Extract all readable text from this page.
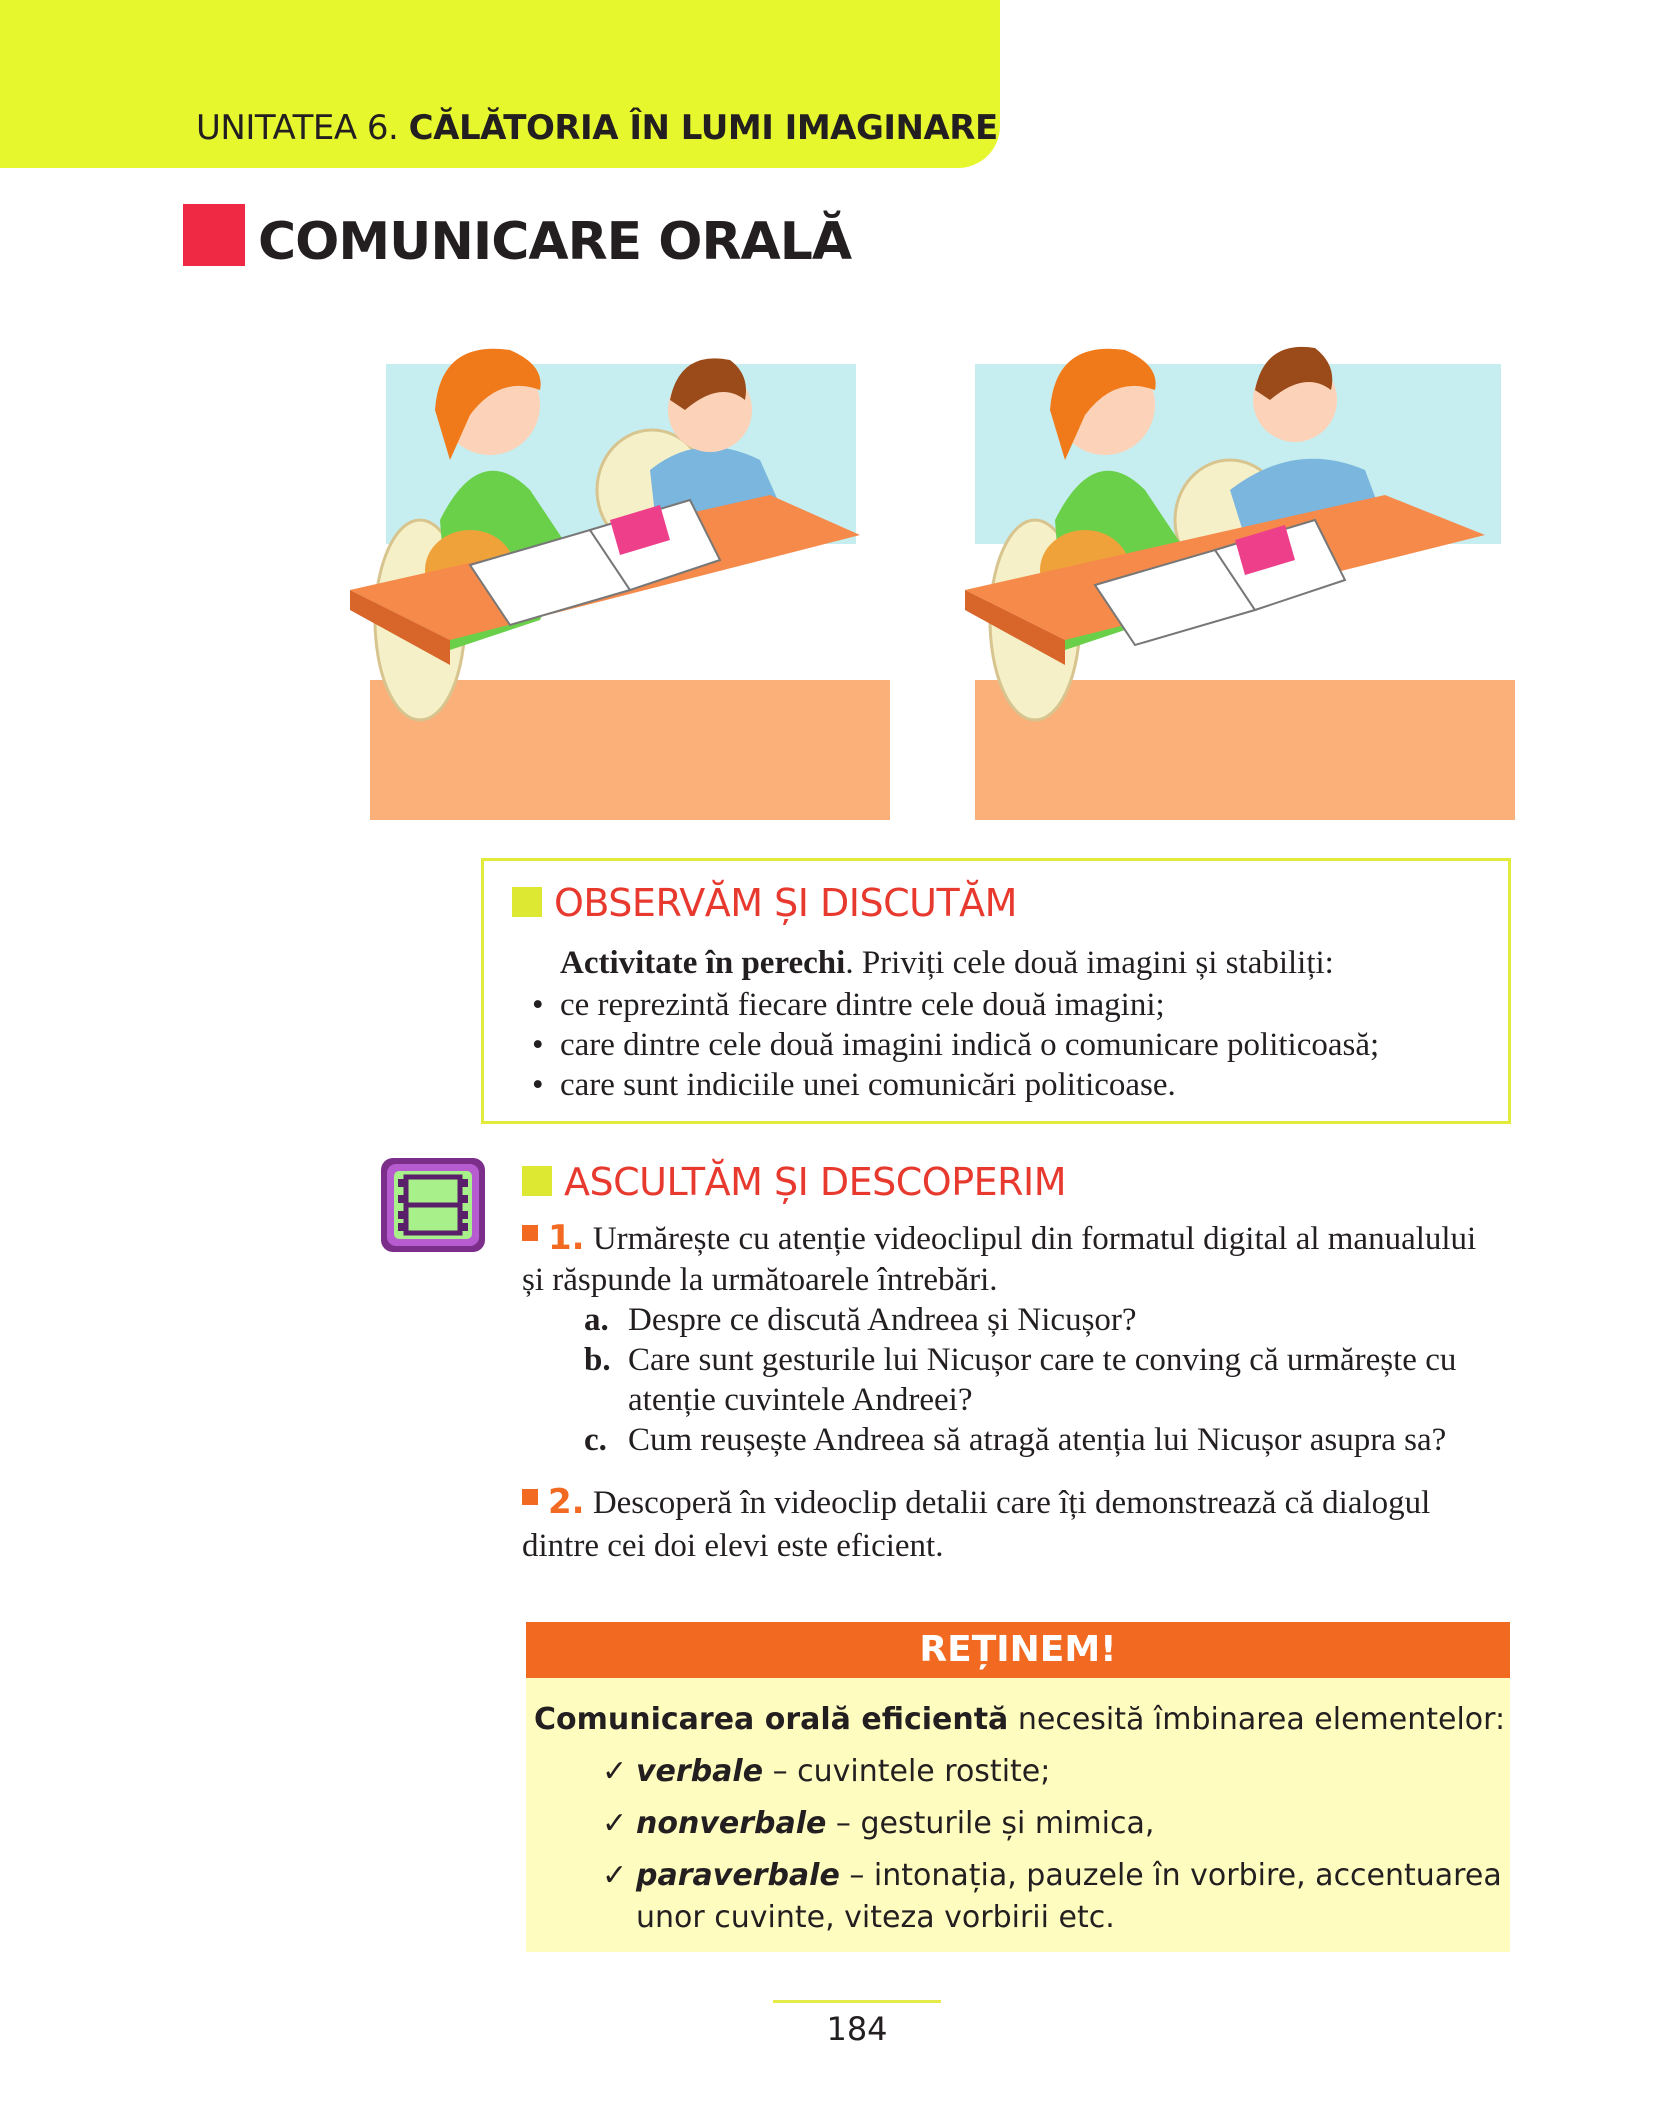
UNITATEA 6. CĂLĂTORIA ÎN LUMI IMAGINARE
COMUNICARE ORALĂ
OBSERVĂM ȘI DISCUTĂM
Activitate în perechi. Priviți cele două imagini și stabiliți:
• ce reprezintă fiecare dintre cele două imagini;
• care dintre cele două imagini indică o comunicare politicoasă;
• care sunt indiciile unei comunicări politicoase.
ASCULTĂM ȘI DESCOPERIM
1. Urmărește cu atenție videoclipul din formatul digital al manualului
și răspunde la următoarele întrebări.
a. Despre ce discută Andreea și Nicușor?
b. Care sunt gesturile lui Nicușor care te conving că urmărește cu
atenție cuvintele Andreei?
c. Cum reușește Andreea să atragă atenția lui Nicușor asupra sa?
2. Descoperă în videoclip detalii care îți demonstrează că dialogul
dintre cei doi elevi este eficient.
REȚINEM!
Comunicarea orală eficientă necesită îmbinarea elementelor:
✓ verbale – cuvintele rostite;
✓ nonverbale – gesturile și mimica,
✓ paraverbale – intonația, pauzele în vorbire, accentuarea
unor cuvinte, viteza vorbirii etc.
184
